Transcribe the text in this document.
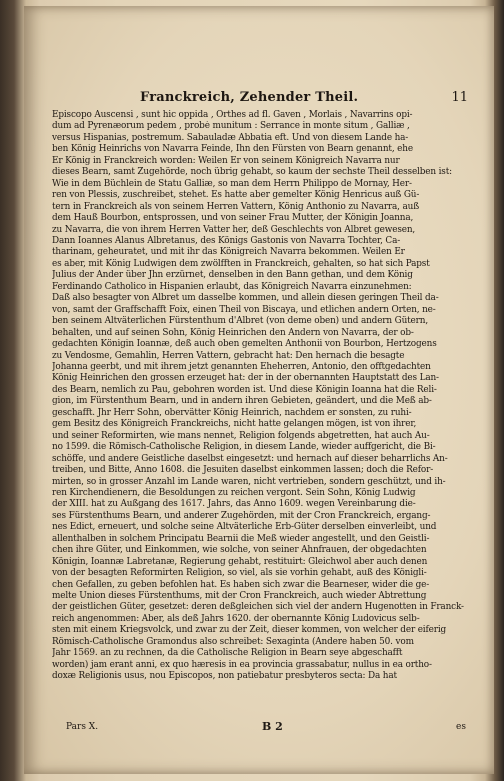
Franckreich, Zehender Theil.	11
Episcopo Auscensi , sunt hic oppida , Orthes ad fl. Gaven , Morlais , Navarrins opi-
dum ad Pyrenæorum pedem , probè munitum : Serrance in monte situm , Galliæ ,
versus Hispanias, postremum. Sabauladæ Abbatia eft. Und von diesem Lande ha-
ben König Heinrichs von Navarra Feinde, Ihn den Fürsten von Bearn genannt, ehe
Er König in Franckreich worden: Weilen Er von seinem Königreich Navarra nur
dieses Bearn, samt Zugehörde, noch übrig gehabt, so kaum der sechste Theil desselben ist:
Wie in dem Büchlein de Statu Galliæ, so man dem Herrn Philippo de Mornay, Her-
ren von Plessis, zuschreibet, stehet. Es hatte aber gemelter König Henricus auß Gü-
tern in Franckreich als von seinem Herren Vattern, König Anthonio zu Navarra, auß
dem Hauß Bourbon, entsprossen, und von seiner Frau Mutter, der Königin Joanna,
zu Navarra, die von ihrem Herren Vatter her, deß Geschlechts von Albret gewesen,
Dann Ioannes Alanus Albretanus, des Königs Gastonis von Navarra Tochter, Ca-
tharinam, geheuratet, und mit ihr das Königreich Navarra bekommen. Weilen Er
es aber, mit König Ludwigen dem zwölfften in Franckreich, gehalten, so hat sich Papst
Julius der Ander über Jhn erzürnet, denselben in den Bann gethan, und dem König
Ferdinando Catholico in Hispanien erlaubt, das Königreich Navarra einzunehmen:
Daß also besagter von Albret um dasselbe kommen, und allein diesen geringen Theil da-
von, samt der Graffschafft Foix, einen Theil von Biscaya, und etlichen andern Orten, ne-
ben seinem Altväterlichen Fürstenthum d'Albret (von deme oben) und andern Gütern,
behalten, und auf seinen Sohn, König Heinrichen den Andern von Navarra, der ob-
gedachten Königin Ioannæ, deß auch oben gemelten Anthonii von Bourbon, Hertzogens
zu Vendosme, Gemahlin, Herren Vattern, gebracht hat: Den hernach die besagte
Johanna geerbt, und mit ihrem jetzt genannten Eheherren, Antonio, den offtgedachten
König Heinrichen den grossen erzeuget hat: der in der obernannten Hauptstatt des Lan-
des Bearn, nemlich zu Pau, gebohren worden ist. Und diese Königin Ioanna hat die Reli-
gion, im Fürstenthum Bearn, und in andern ihren Gebieten, geändert, und die Meß ab-
geschafft. Jhr Herr Sohn, obervätter König Heinrich, nachdem er sonsten, zu ruhi-
gem Besitz des Königreich Franckreichs, nicht hatte gelangen mögen, ist von ihrer,
und seiner Reformirten, wie mans nennet, Religion folgends abgetretten, hat auch Au-
no 1599. die Römisch-Catholische Religion, in diesem Lande, wieder auffgericht, die Bi-
schöffe, und andere Geistliche daselbst eingesetzt: und hernach auf dieser beharrlichs An-
treiben, und Bitte, Anno 1608. die Jesuiten daselbst einkommen lassen; doch die Refor-
mirten, so in grosser Anzahl im Lande waren, nicht vertrieben, sondern geschützt, und ih-
ren Kirchendienern, die Besoldungen zu reichen vergont. Sein Sohn, König Ludwig
der XIII. hat zu Außgang des 1617. Jahrs, das Anno 1609. wegen Vereinbarung die-
ses Fürstenthums Bearn, und anderer Zugehörden, mit der Cron Franckreich, ergang-
nes Edict, erneuert, und solche seine Altväterliche Erb-Güter derselben einverleibt, und
allenthalben in solchem Principatu Bearnii die Meß wieder angestellt, und den Geistli-
chen ihre Güter, und Einkommen, wie solche, von seiner Ahnfrauen, der obgedachten
Königin, Ioannæ Labretanæ, Regierung gehabt, restituirt: Gleichwol aber auch denen
von der besagten Reformirten Religion, so viel, als sie vorhin gehabt, auß des Königli-
chen Gefallen, zu geben befohlen hat. Es haben sich zwar die Bearneser, wider die ge-
melte Union dieses Fürstenthums, mit der Cron Franckreich, auch wieder Abtrettung
der geistlichen Güter, gesetzet: deren deßgleichen sich viel der andern Hugenotten in Franck-
reich angenommen: Aber, als deß Jahrs 1620. der obernannte König Ludovicus selb-
sten mit einem Kriegsvolck, und zwar zu der Zeit, dieser kommen, von welcher der eiferig
Römisch-Catholische Gramondus also schreibet: Sexaginta (Andere haben 50. vom
Jahr 1569. an zu rechnen, da die Catholische Religion in Bearn seye abgeschafft
worden) jam erant anni, ex quo hæresis in ea provincia grassabatur, nullus in ea ortho-
doxæ Religionis usus, nou Episcopos, non patiebatur presbyteros secta: Da hat
Pars X.	B 2	es
